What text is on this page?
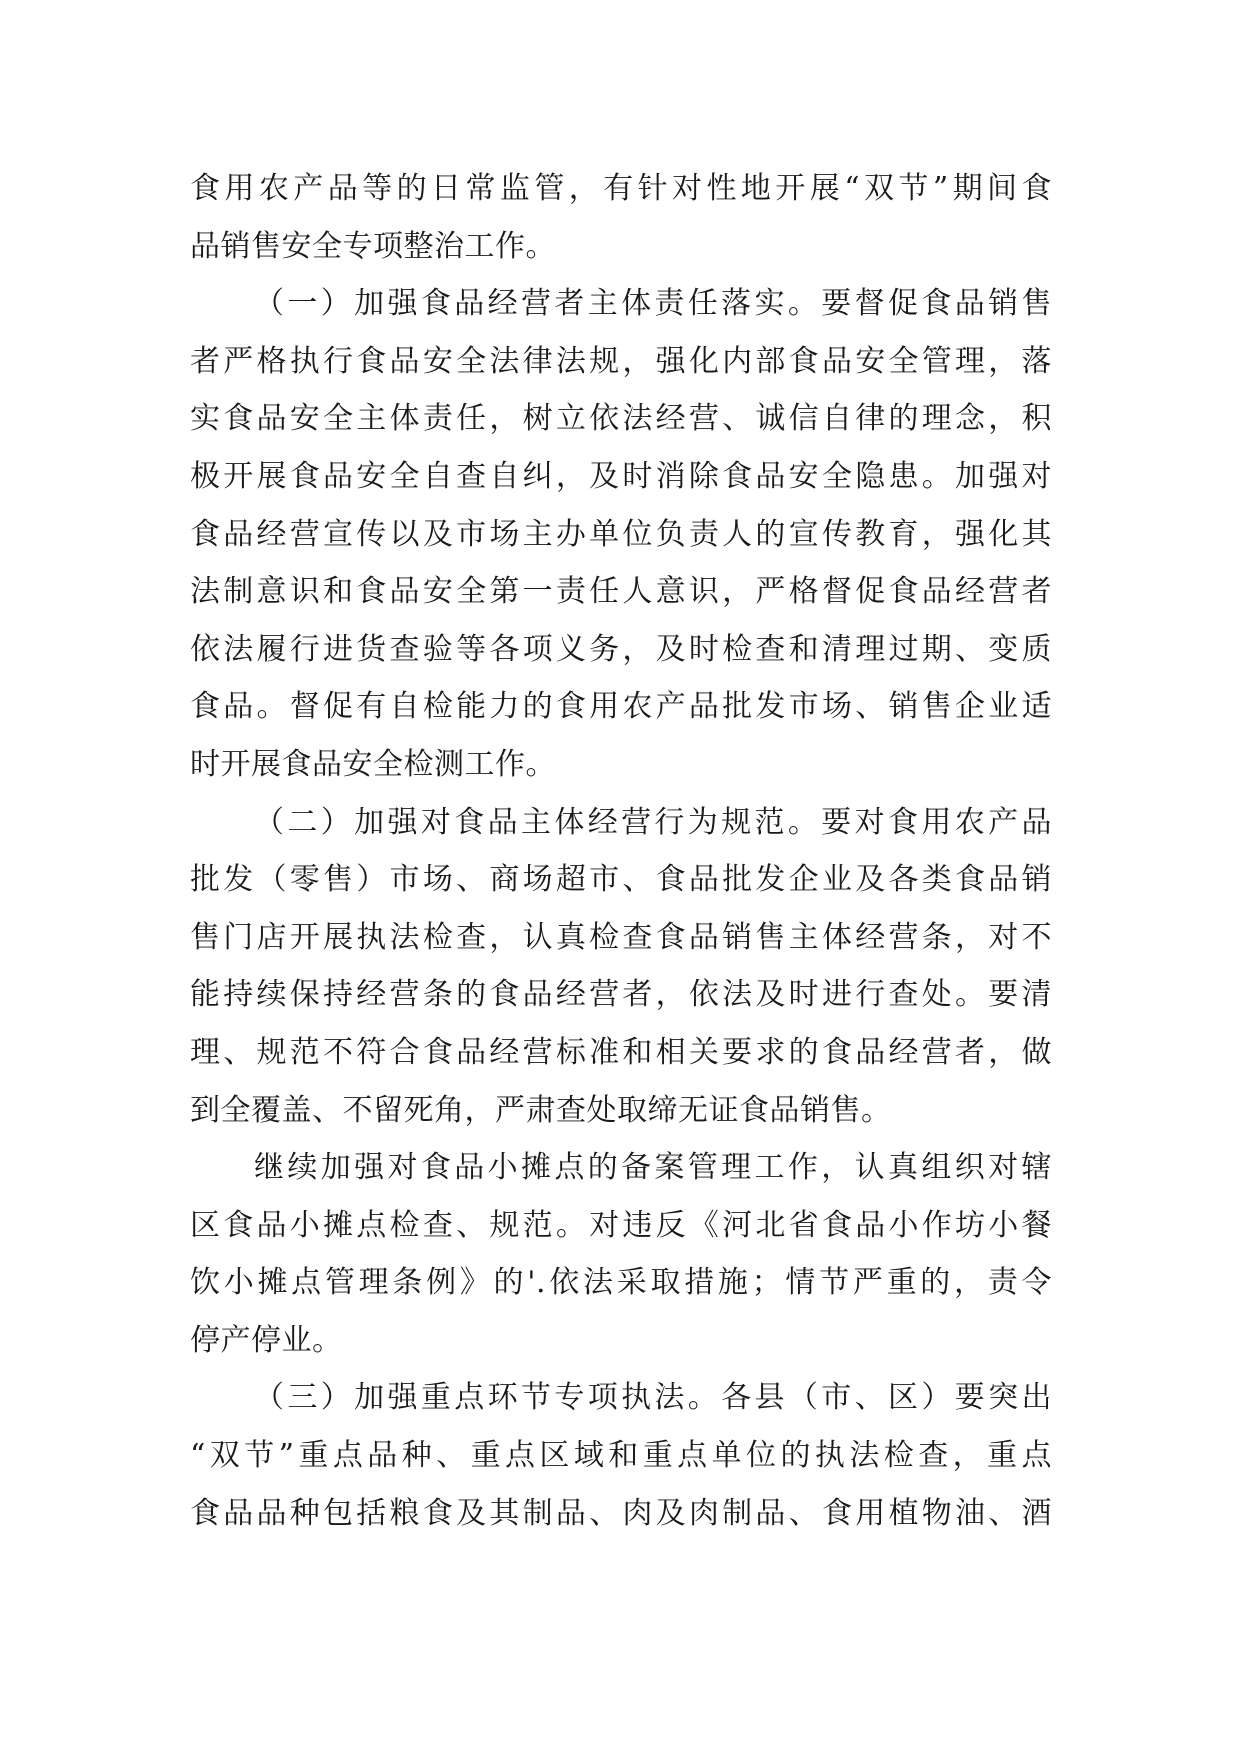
食用农产品等的日常监管，有针对性地开展“双节”期间食
品销售安全专项整治工作。
（一）加强食品经营者主体责任落实。要督促食品销售
者严格执行食品安全法律法规，强化内部食品安全管理，落
实食品安全主体责任，树立依法经营、诚信自律的理念，积
极开展食品安全自查自纠，及时消除食品安全隐患。加强对
食品经营宣传以及市场主办单位负责人的宣传教育，强化其
法制意识和食品安全第一责任人意识，严格督促食品经营者
依法履行进货查验等各项义务，及时检查和清理过期、变质
食品。督促有自检能力的食用农产品批发市场、销售企业适
时开展食品安全检测工作。
（二）加强对食品主体经营行为规范。要对食用农产品
批发（零售）市场、商场超市、食品批发企业及各类食品销
售门店开展执法检查，认真检查食品销售主体经营条，对不
能持续保持经营条的食品经营者，依法及时进行查处。要清
理、规范不符合食品经营标准和相关要求的食品经营者，做
到全覆盖、不留死角，严肃查处取缔无证食品销售。
继续加强对食品小摊点的备案管理工作，认真组织对辖
区食品小摊点检查、规范。对违反《河北省食品小作坊小餐
饮小摊点管理条例》的'.依法采取措施；情节严重的，责令
停产停业。
（三）加强重点环节专项执法。各县（市、区）要突出
“双节”重点品种、重点区域和重点单位的执法检查，重点
食品品种包括粮食及其制品、肉及肉制品、食用植物油、酒
